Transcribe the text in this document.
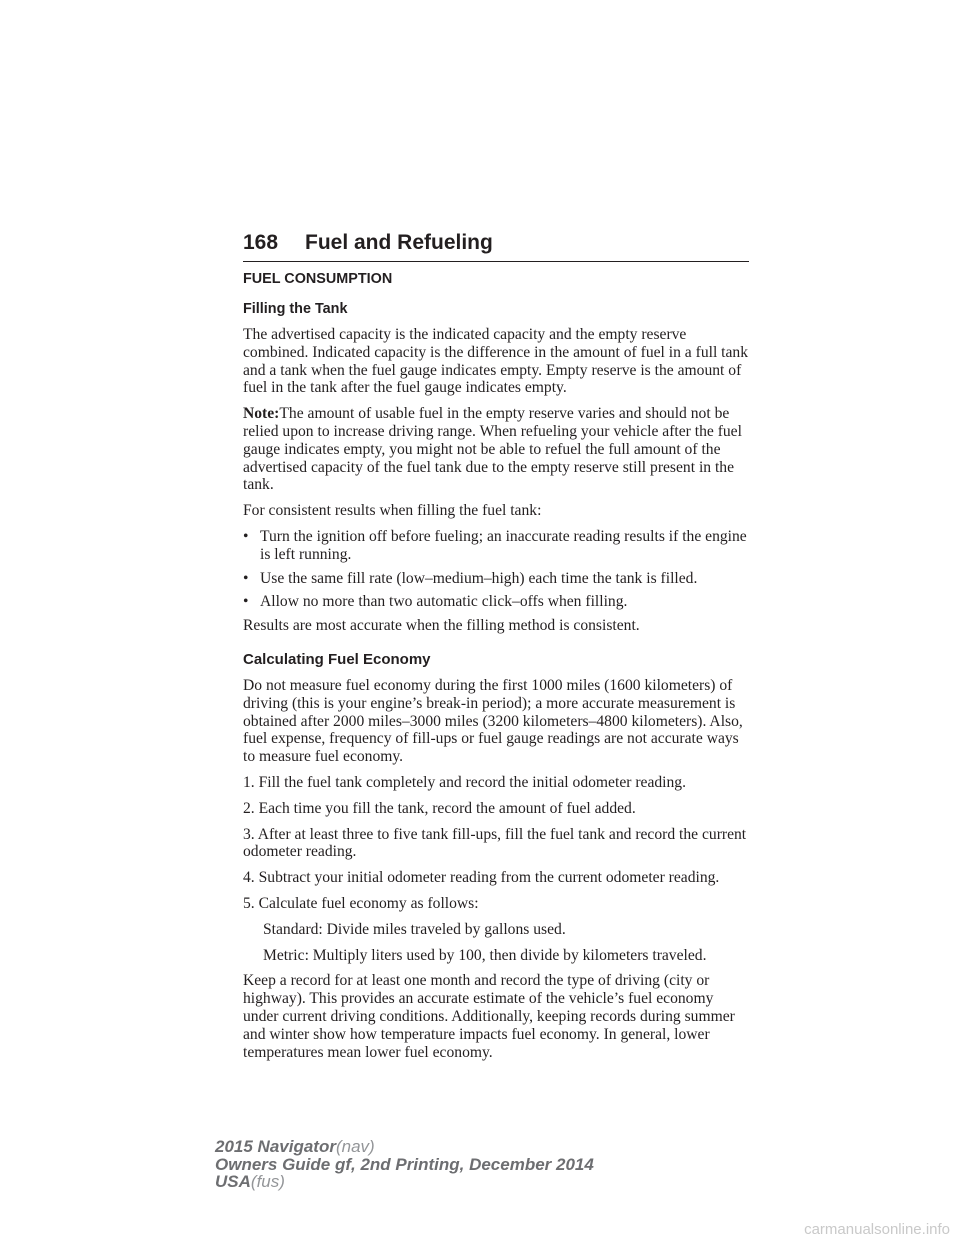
168 Fuel and Refueling
FUEL CONSUMPTION
Filling the Tank

The advertised capacity is the indicated capacity and the empty reserve combined. Indicated capacity is the difference in the amount of fuel in a full tank and a tank when the fuel gauge indicates empty. Empty reserve is the amount of fuel in the tank after the fuel gauge indicates empty.

Note:The amount of usable fuel in the empty reserve varies and should not be relied upon to increase driving range. When refueling your vehicle after the fuel gauge indicates empty, you might not be able to refuel the full amount of the advertised capacity of the fuel tank due to the empty reserve still present in the tank.

For consistent results when filling the fuel tank:

• Turn the ignition off before fueling; an inaccurate reading results if the engine is left running.
• Use the same fill rate (low–medium–high) each time the tank is filled.
• Allow no more than two automatic click–offs when filling.

Results are most accurate when the filling method is consistent.

Calculating Fuel Economy

Do not measure fuel economy during the first 1000 miles (1600 kilometers) of driving (this is your engine’s break-in period); a more accurate measurement is obtained after 2000 miles–3000 miles (3200 kilometers–4800 kilometers). Also, fuel expense, frequency of fill-ups or fuel gauge readings are not accurate ways to measure fuel economy.

1. Fill the fuel tank completely and record the initial odometer reading.

2. Each time you fill the tank, record the amount of fuel added.

3. After at least three to five tank fill-ups, fill the fuel tank and record the current odometer reading.

4. Subtract your initial odometer reading from the current odometer reading.

5. Calculate fuel economy as follows:

Standard: Divide miles traveled by gallons used.

Metric: Multiply liters used by 100, then divide by kilometers traveled.

Keep a record for at least one month and record the type of driving (city or highway). This provides an accurate estimate of the vehicle’s fuel economy under current driving conditions. Additionally, keeping records during summer and winter show how temperature impacts fuel economy. In general, lower temperatures mean lower fuel economy.

2015 Navigator(nav)
Owners Guide gf, 2nd Printing, December 2014
USA(fus)
carmanualsonline.info
